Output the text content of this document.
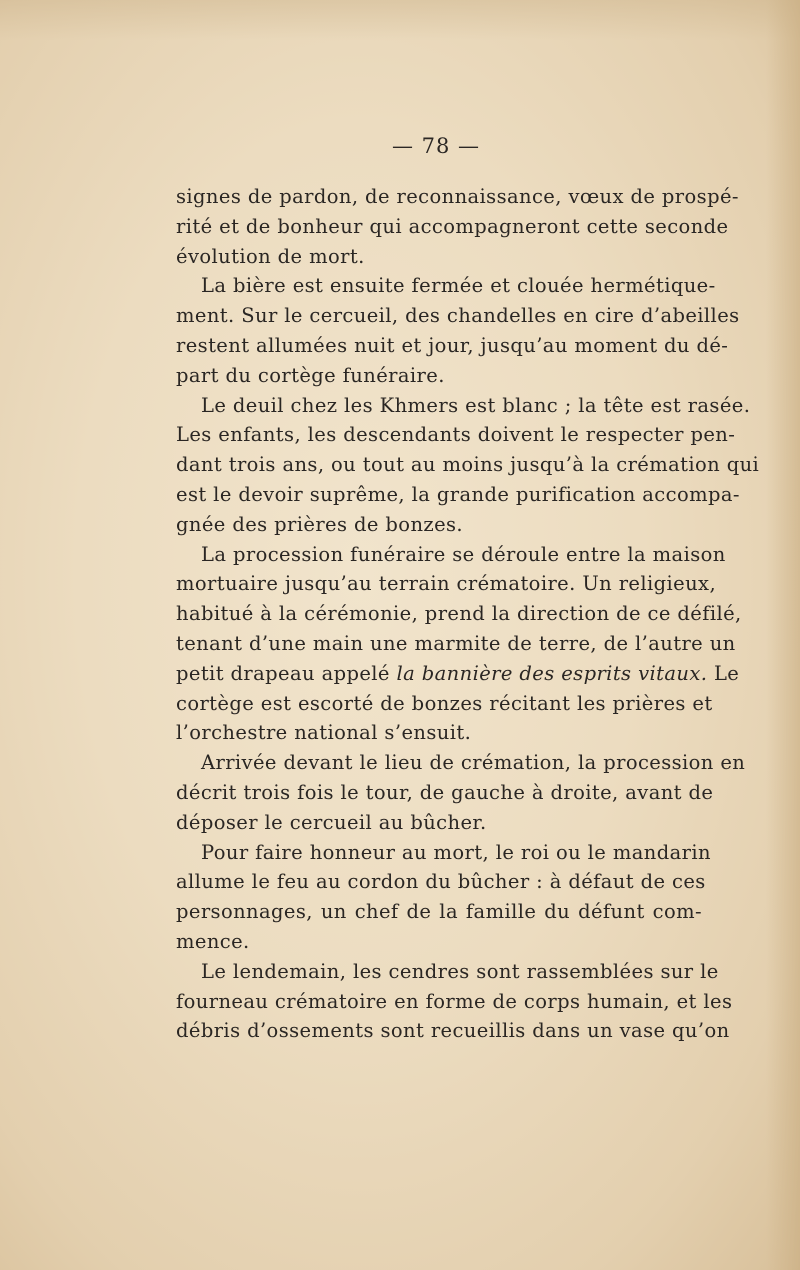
— 78 —
signes de pardon, de reconnaissance, vœux de prospé-
rité et de bonheur qui accompagneront cette seconde
évolution de mort.
La bière est ensuite fermée et clouée hermétique-
ment. Sur le cercueil, des chandelles en cire d’abeilles
restent allumées nuit et jour, jusqu’au moment du dé-
part du cortège funéraire.
Le deuil chez les Khmers est blanc ; la tête est rasée.
Les enfants, les descendants doivent le respecter pen-
dant trois ans, ou tout au moins jusqu’à la crémation qui
est le devoir suprême, la grande purification accompa-
gnée des prières de bonzes.
La procession funéraire se déroule entre la maison
mortuaire jusqu’au terrain crématoire. Un religieux,
habitué à la cérémonie, prend la direction de ce défilé,
tenant d’une main une marmite de terre, de l’autre un
petit drapeau appelé la bannière des esprits vitaux. Le
cortège est escorté de bonzes récitant les prières et
l’orchestre national s’ensuit.
Arrivée devant le lieu de crémation, la procession en
décrit trois fois le tour, de gauche à droite, avant de
déposer le cercueil au bûcher.
Pour faire honneur au mort, le roi ou le mandarin
allume le feu au cordon du bûcher : à défaut de ces
personnages, un chef de la famille du défunt com-
mence.
Le lendemain, les cendres sont rassemblées sur le
fourneau crématoire en forme de corps humain, et les
débris d’ossements sont recueillis dans un vase qu’on
